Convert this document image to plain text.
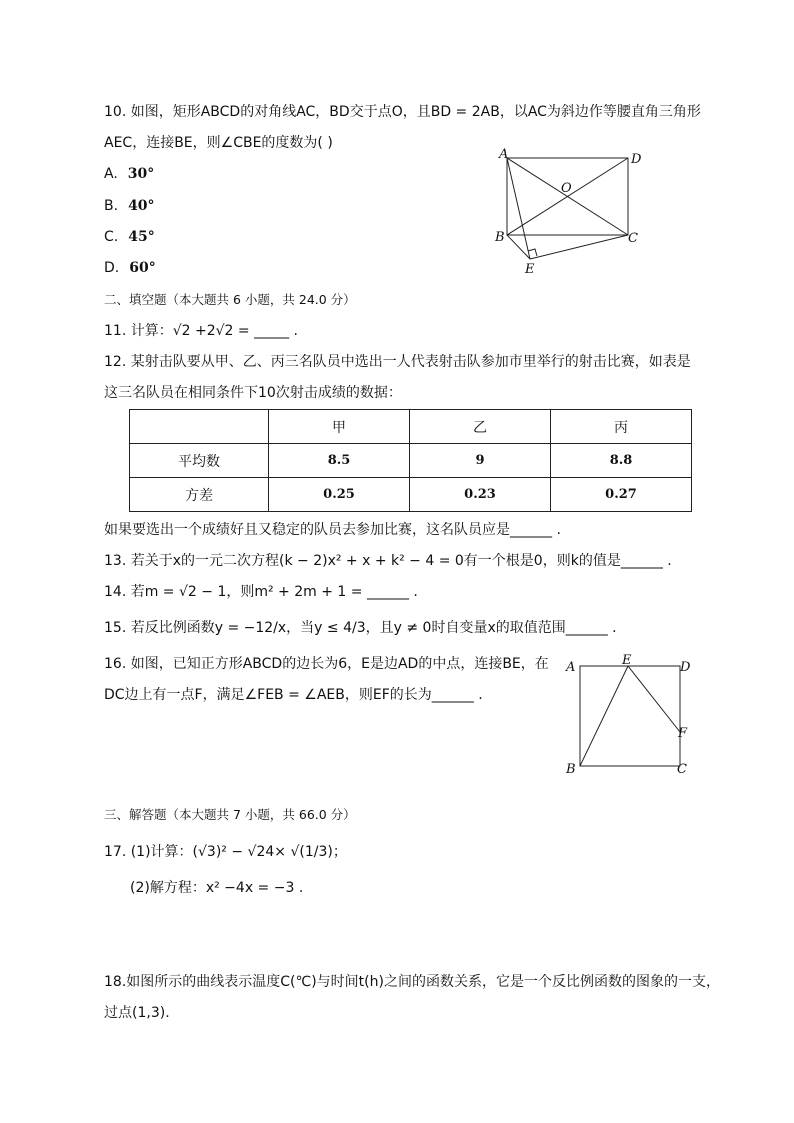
10. 如图，矩形ABCD的对角线AC，BD交于点O，且BD = 2AB，以AC为斜边作等腰直角三角形
AEC，连接BE，则∠CBE的度数为( )
A. 30°
B. 40°
C. 45°
D. 60°
A	D
O
B	C
E
二、填空题（本大题共 6 小题，共 24.0 分）
11. 计算：√2 +2√2 = _____ .
12. 某射击队要从甲、乙、丙三名队员中选出一人代表射击队参加市里举行的射击比赛，如表是
这三名队员在相同条件下10次射击成绩的数据：
	甲	乙	丙
平均数	8.5	9	8.8
方差	0.25	0.23	0.27
如果要选出一个成绩好且又稳定的队员去参加比赛，这名队员应是______ .
13. 若关于x的一元二次方程(k − 2)x² + x + k² − 4 = 0有一个根是0，则k的值是______ .
14. 若m = √2 − 1，则m² + 2m + 1 = ______ .
15. 若反比例函数y = −12/x，当y ≤ 4/3，且y ≠ 0时自变量x的取值范围______ .
16. 如图，已知正方形ABCD的边长为6，E是边AD的中点，连接BE，在
DC边上有一点F，满足∠FEB = ∠AEB，则EF的长为______ .
A	E	D
F
B	C
三、解答题（本大题共 7 小题，共 66.0 分）
17. (1)计算：(√3)² − √24× √(1/3)；
(2)解方程：x² −4x = −3 .
18.如图所示的曲线表示温度C(℃)与时间t(h)之间的函数关系，它是一个反比例函数的图象的一支，
过点(1,3).
